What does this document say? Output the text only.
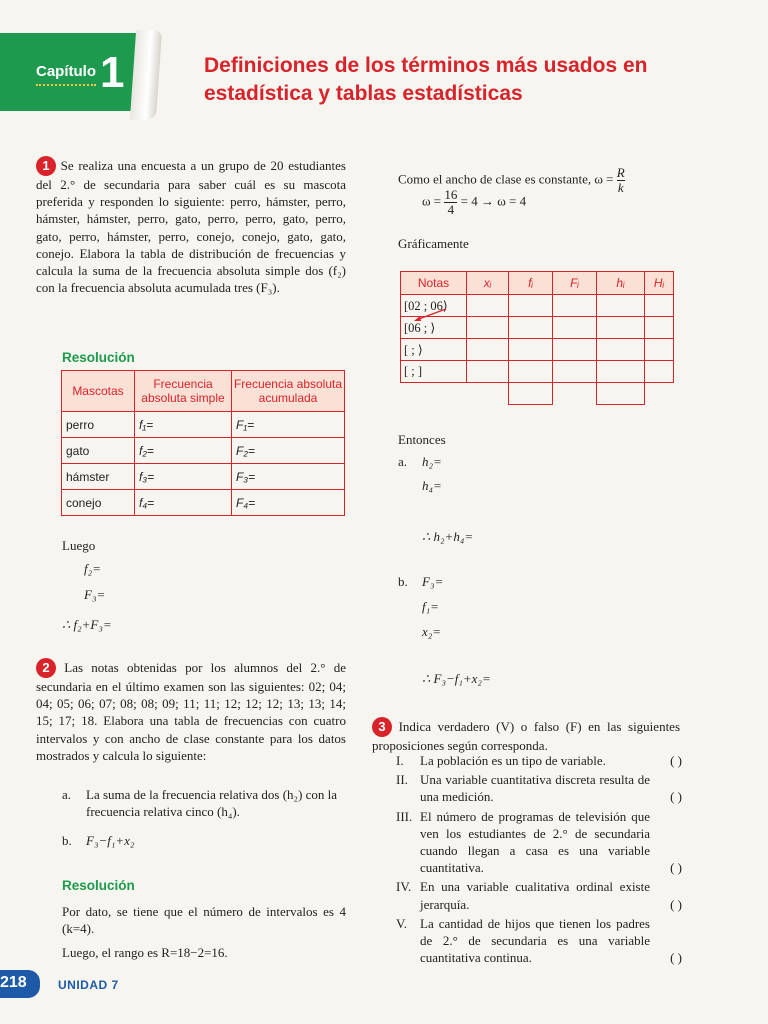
Capítulo 1	Definiciones de los términos más usados en
estadística y tablas estadísticas
1 Se realiza una encuesta a un grupo de 20 estudiantes del 2.° de secundaria para saber cuál es su mascota preferida y responden lo siguiente: perro, hámster, perro, hámster, hámster, perro, gato, perro, perro, gato, perro, gato, perro, hámster, perro, conejo, conejo, gato, gato, conejo. Elabora la tabla de distribución de frecuencias y calcula la suma de la frecuencia absoluta simple dos (f₂) con la frecuencia absoluta acumulada tres (F₃).
Resolución
Mascotas	Frecuencia absoluta simple	Frecuencia absoluta acumulada
perro	f₁=	F₁=
gato	f₂=	F₂=
hámster	f₃=	F₃=
conejo	f₄=	F₄=
Luego
f₂=
F₃=
∴ f₂+F₃=
2 Las notas obtenidas por los alumnos del 2.° de secundaria en el último examen son las siguientes: 02; 04; 04; 05; 06; 07; 08; 08; 09; 11; 11; 12; 12; 12; 13; 13; 14; 15; 17; 18. Elabora una tabla de frecuencias con cuatro intervalos y con ancho de clase constante para los datos mostrados y calcula lo siguiente:
a. La suma de la frecuencia relativa dos (h₂) con la frecuencia relativa cinco (h₄).
b. F₃−f₁+x₂
Resolución
Por dato, se tiene que el número de intervalos es 4 (k=4).
Luego, el rango es R=18−2=16.
Como el ancho de clase es constante, $\omega = \frac{R}{k}$
$\omega = \frac{16}{4} = 4 \to \omega = 4$
Gráficamente
Notas	xᵢ	fᵢ	Fᵢ	hᵢ	Hᵢ
[02 ; 06⟩					
[06 ; ⟩					
[ ; ⟩					
[ ; ]					

Entonces
a. h₂=
h₄=
∴ h₂+h₄=
b. F₃=
f₁=
x₂=
∴ F₃−f₁+x₂=
3 Indica verdadero (V) o falso (F) en las siguientes proposiciones según corresponda.
I.	La población es un tipo de variable.	( )
II. Una variable cuantitativa discreta resulta de una medición.	( )
III. El número de programas de televisión que ven los estudiantes de 2.° de secundaria cuando llegan a casa es una variable cuantitativa.	( )
IV. En una variable cualitativa ordinal existe jerarquía.	( )
V.	La cantidad de hijos que tienen los padres de 2.° de secundaria es una variable cuantitativa continua.	( )
218	UNIDAD 7
